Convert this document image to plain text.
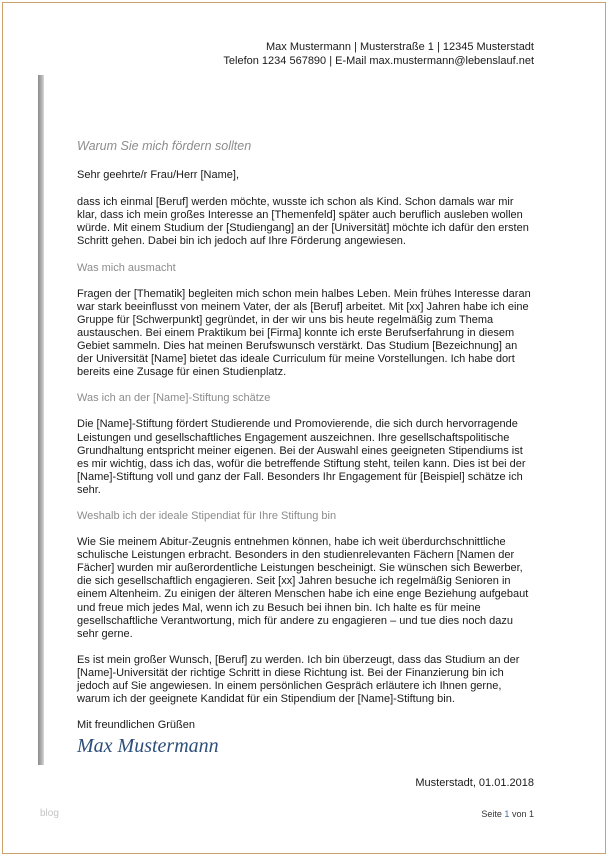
Max Mustermann | Musterstraße 1 | 12345 Musterstadt
Telefon 1234 567890 | E-Mail max.mustermann@lebenslauf.net
Warum Sie mich fördern sollten
Sehr geehrte/r Frau/Herr [Name],

dass ich einmal [Beruf] werden möchte, wusste ich schon als Kind. Schon damals war mir klar, dass ich mein großes Interesse an [Themenfeld] später auch beruflich ausleben wollen würde. Mit einem Studium der [Studiengang] an der [Universität] möchte ich dafür den ersten Schritt gehen. Dabei bin ich jedoch auf Ihre Förderung angewiesen.

Was mich ausmacht

Fragen der [Thematik] begleiten mich schon mein halbes Leben. Mein frühes Interesse daran war stark beeinflusst von meinem Vater, der als [Beruf] arbeitet. Mit [xx] Jahren habe ich eine Gruppe für [Schwerpunkt] gegründet, in der wir uns bis heute regelmäßig zum Thema austauschen. Bei einem Praktikum bei [Firma] konnte ich erste Berufserfahrung in diesem Gebiet sammeln. Dies hat meinen Berufswunsch verstärkt. Das Studium [Bezeichnung] an der Universität [Name] bietet das ideale Curriculum für meine Vorstellungen. Ich habe dort bereits eine Zusage für einen Studienplatz.

Was ich an der [Name]-Stiftung schätze

Die [Name]-Stiftung fördert Studierende und Promovierende, die sich durch hervorragende Leistungen und gesellschaftliches Engagement auszeichnen. Ihre gesellschaftspolitische Grundhaltung entspricht meiner eigenen. Bei der Auswahl eines geeigneten Stipendiums ist es mir wichtig, dass ich das, wofür die betreffende Stiftung steht, teilen kann. Dies ist bei der [Name]-Stiftung voll und ganz der Fall. Besonders Ihr Engagement für [Beispiel] schätze ich sehr.

Weshalb ich der ideale Stipendiat für Ihre Stiftung bin

Wie Sie meinem Abitur-Zeugnis entnehmen können, habe ich weit überdurchschnittliche schulische Leistungen erbracht. Besonders in den studienrelevanten Fächern [Namen der Fächer] wurden mir außerordentliche Leistungen bescheinigt. Sie wünschen sich Bewerber, die sich gesellschaftlich engagieren. Seit [xx] Jahren besuche ich regelmäßig Senioren in einem Altenheim. Zu einigen der älteren Menschen habe ich eine enge Beziehung aufgebaut und freue mich jedes Mal, wenn ich zu Besuch bei ihnen bin. Ich halte es für meine gesellschaftliche Verantwortung, mich für andere zu engagieren – und tue dies noch dazu sehr gerne.

Es ist mein großer Wunsch, [Beruf] zu werden. Ich bin überzeugt, dass das Studium an der [Name]-Universität der richtige Schritt in diese Richtung ist. Bei der Finanzierung bin ich jedoch auf Sie angewiesen. In einem persönlichen Gespräch erläutere ich Ihnen gerne, warum ich der geeignete Kandidat für ein Stipendium der [Name]-Stiftung bin.

Mit freundlichen Grüßen
Max Mustermann
Musterstadt, 01.01.2018
blog	Seite 1 von 1
